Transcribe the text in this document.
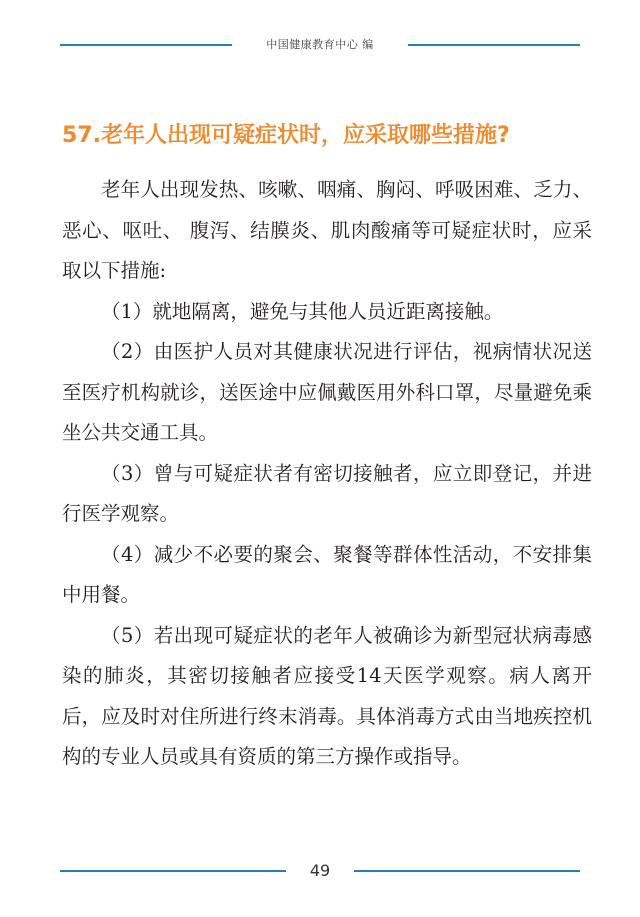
中国健康教育中心 编
57.老年人出现可疑症状时，应采取哪些措施?

老年人出现发热、咳嗽、咽痛、胸闷、呼吸困难、乏力、恶心、呕吐、 腹泻、结膜炎、肌肉酸痛等可疑症状时，应采取以下措施:

（1）就地隔离，避免与其他人员近距离接触。

（2）由医护人员对其健康状况进行评估，视病情状况送至医疗机构就诊，送医途中应佩戴医用外科口罩，尽量避免乘坐公共交通工具。

（3）曾与可疑症状者有密切接触者，应立即登记，并进行医学观察。

（4）减少不必要的聚会、聚餐等群体性活动，不安排集中用餐。

（5）若出现可疑症状的老年人被确诊为新型冠状病毒感染的肺炎，其密切接触者应接受14天医学观察。病人离开后，应及时对住所进行终末消毒。具体消毒方式由当地疾控机构的专业人员或具有资质的第三方操作或指导。

49
